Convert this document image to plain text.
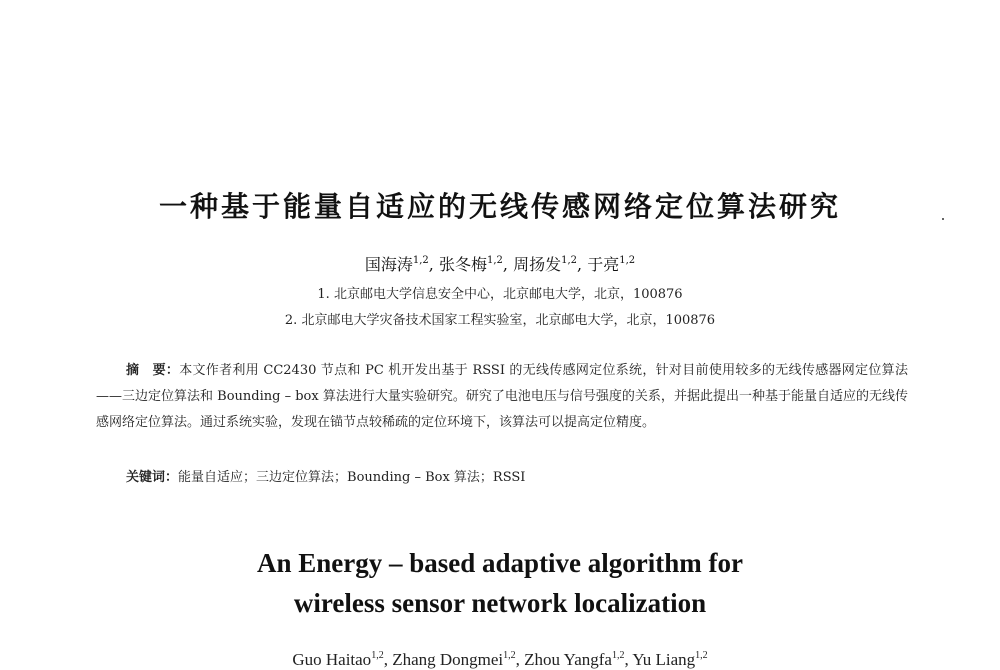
一种基于能量自适应的无线传感网络定位算法研究
国海涛$^{1,2}$, 张冬梅$^{1,2}$, 周扬发$^{1,2}$, 于亮$^{1,2}$
1. 北京邮电大学信息安全中心，北京邮电大学，北京，100876
2. 北京邮电大学灾备技术国家工程实验室，北京邮电大学，北京，100876
摘　要：本文作者利用 CC2430 节点和 PC 机开发出基于 RSSI 的无线传感网定位系统，针对目前使用较多的无线传感器网定位算法——三边定位算法和 Bounding – box 算法进行大量实验研究。研究了电池电压与信号强度的关系，并据此提出一种基于能量自适应的无线传感网络定位算法。通过系统实验，发现在锚节点较稀疏的定位环境下，该算法可以提高定位精度。
关键词：能量自适应；三边定位算法；Bounding – Box 算法；RSSI
An Energy – based adaptive algorithm for
wireless sensor network localization
Guo Haitao$^{1,2}$, Zhang Dongmei$^{1,2}$, Zhou Yangfa$^{1,2}$, Yu Liang$^{1,2}$
